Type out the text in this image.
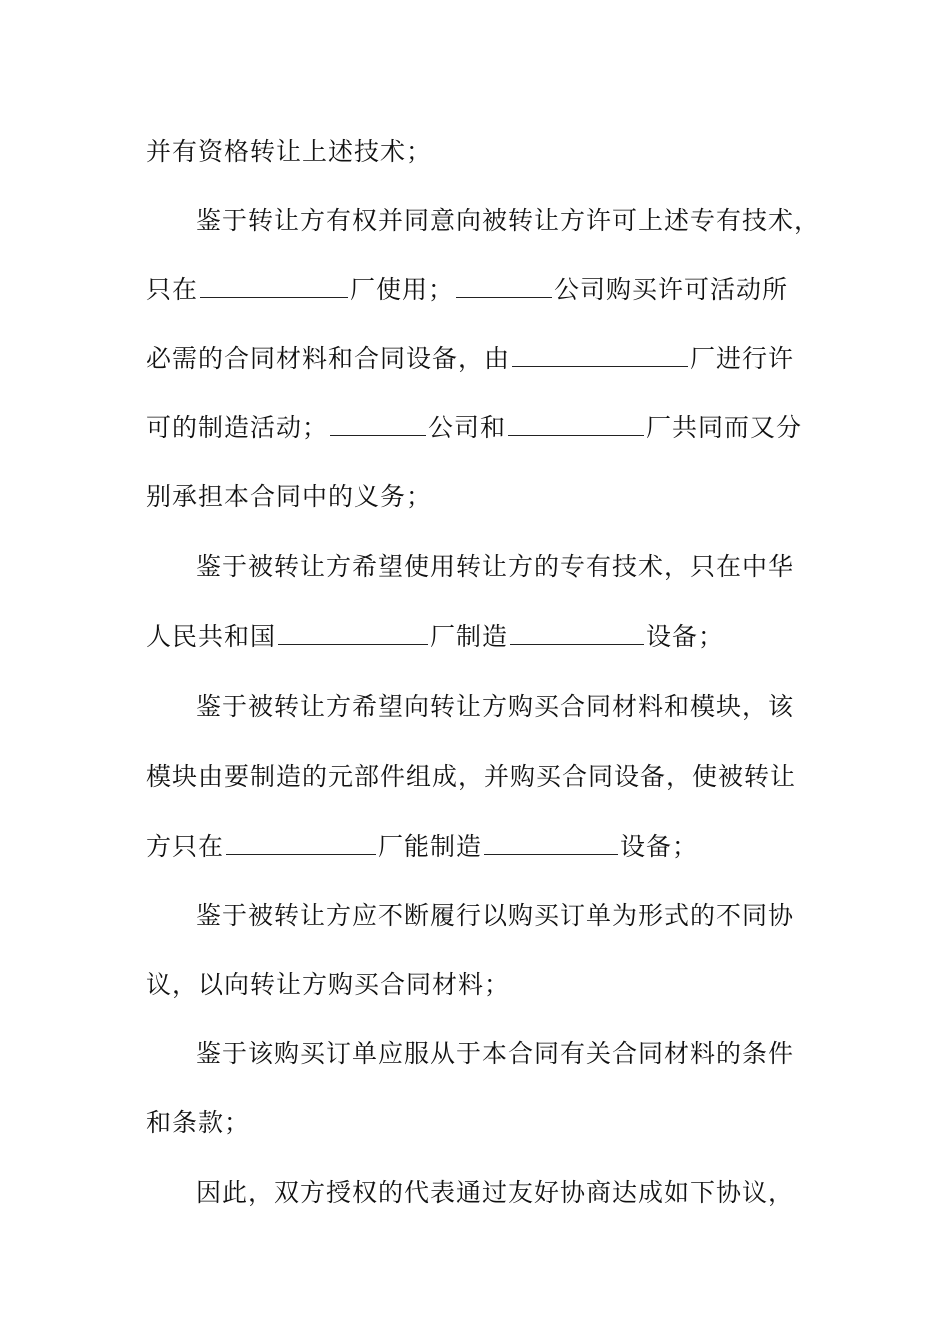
并有资格转让上述技术；
鉴于转让方有权并同意向被转让方许可上述专有技术，
只在	厂使用；	公司购买许可活动所
必需的合同材料和合同设备，由	厂进行许
可的制造活动；	公司和	厂共同而又分
别承担本合同中的义务；
鉴于被转让方希望使用转让方的专有技术，只在中华
人民共和国	厂制造	设备；
鉴于被转让方希望向转让方购买合同材料和模块，该
模块由要制造的元部件组成，并购买合同设备，使被转让
方只在	厂能制造	设备；
鉴于被转让方应不断履行以购买订单为形式的不同协
议，以向转让方购买合同材料；
鉴于该购买订单应服从于本合同有关合同材料的条件
和条款；
因此，双方授权的代表通过友好协商达成如下协议，
